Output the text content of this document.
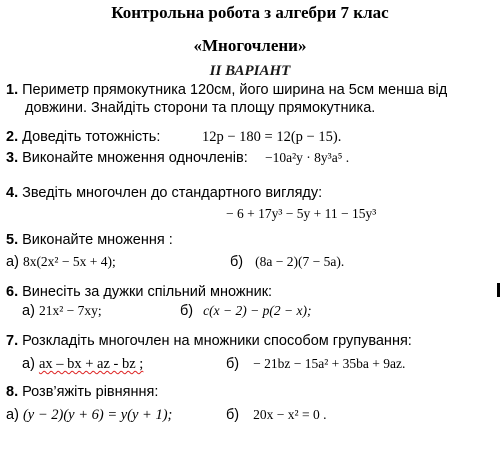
Контрольна робота з алгебри 7 клас
«Многочлени»
ІІ ВАРІАНТ
1. Периметр прямокутника 120см, його ширина на 5см менша від
довжини. Знайдіть сторони та площу прямокутника.
2. Доведіть тотожність:	12p − 180 = 12(p − 15).
3. Виконайте множення одночленів: −10a²y · 8y³a⁵ .
4. Зведіть многочлен до стандартного вигляду:
− 6 + 17y³ − 5y + 11 − 15y³
5. Виконайте множення :
а) 8x(2x² − 5x + 4);	б) (8a − 2)(7 − 5a).
6. Винесіть за дужки спільний множник:
а) 21x² − 7xy;	б) c(x − 2) − p(2 − x);
7. Розкладіть многочлен на множники способом групування:
а) ax – bx + az - bz ;	б) − 21bz − 15a² + 35ba + 9az.
8. Розв’яжіть рівняння:
а) (y − 2)(y + 6) = y(y + 1);	б) 20x − x² = 0 .
